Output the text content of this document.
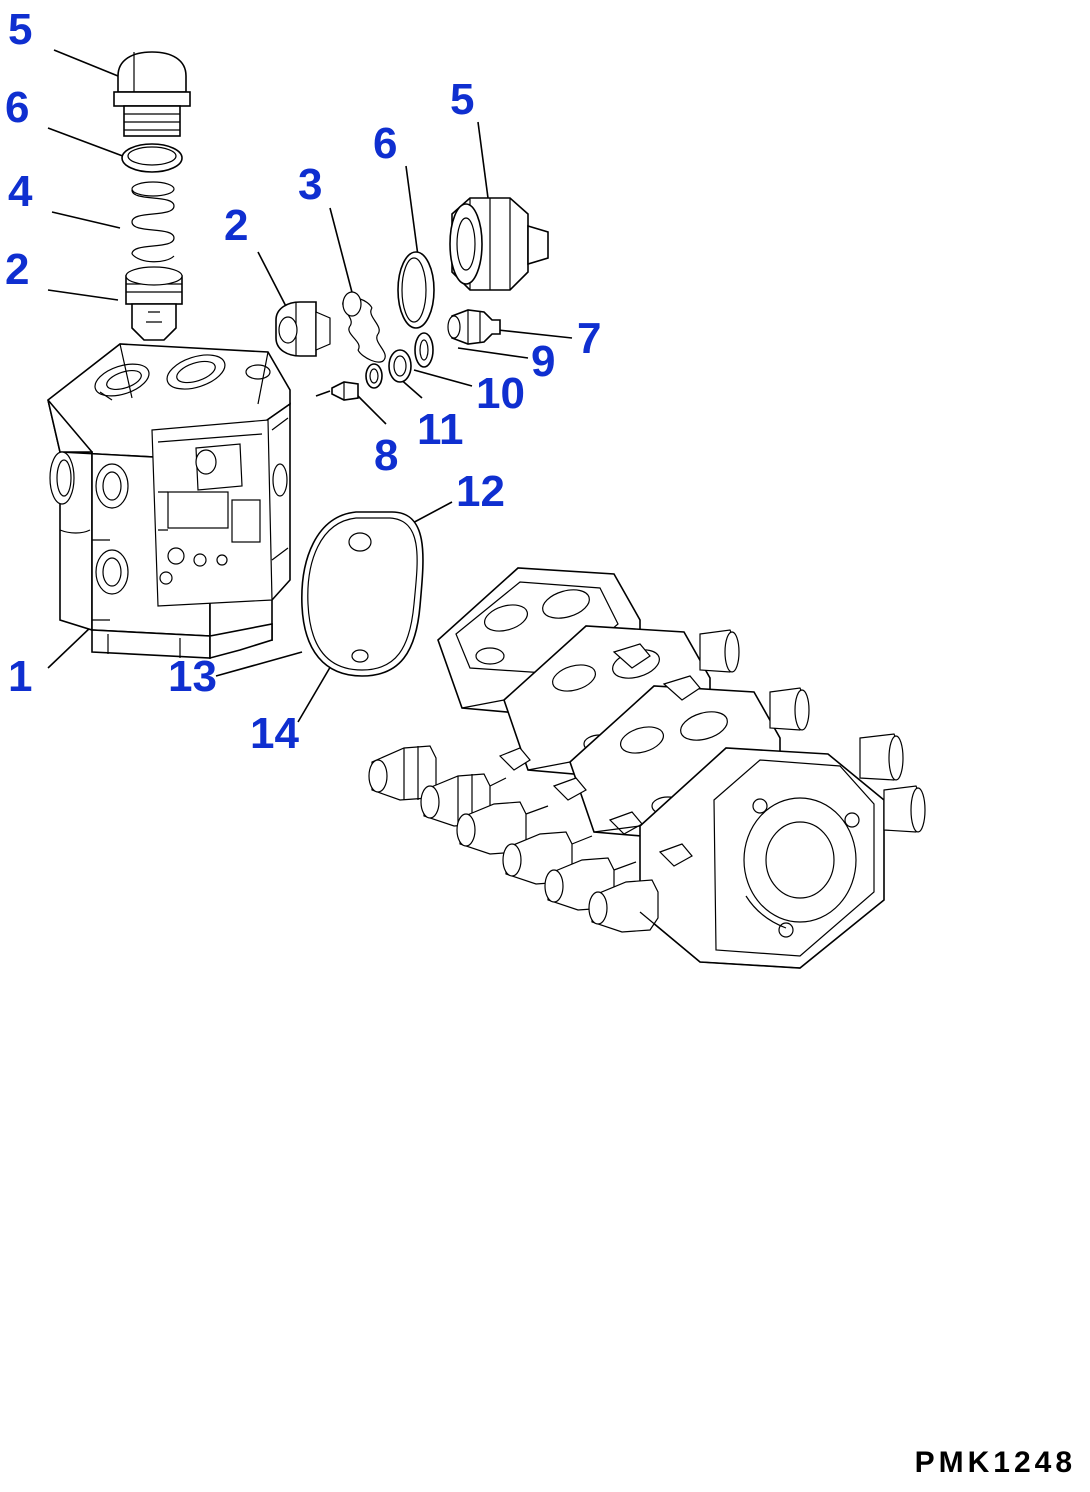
5
6
4
2
2
3
6
5
7
9
10
11
8
12
1	13
14
PMK1248
